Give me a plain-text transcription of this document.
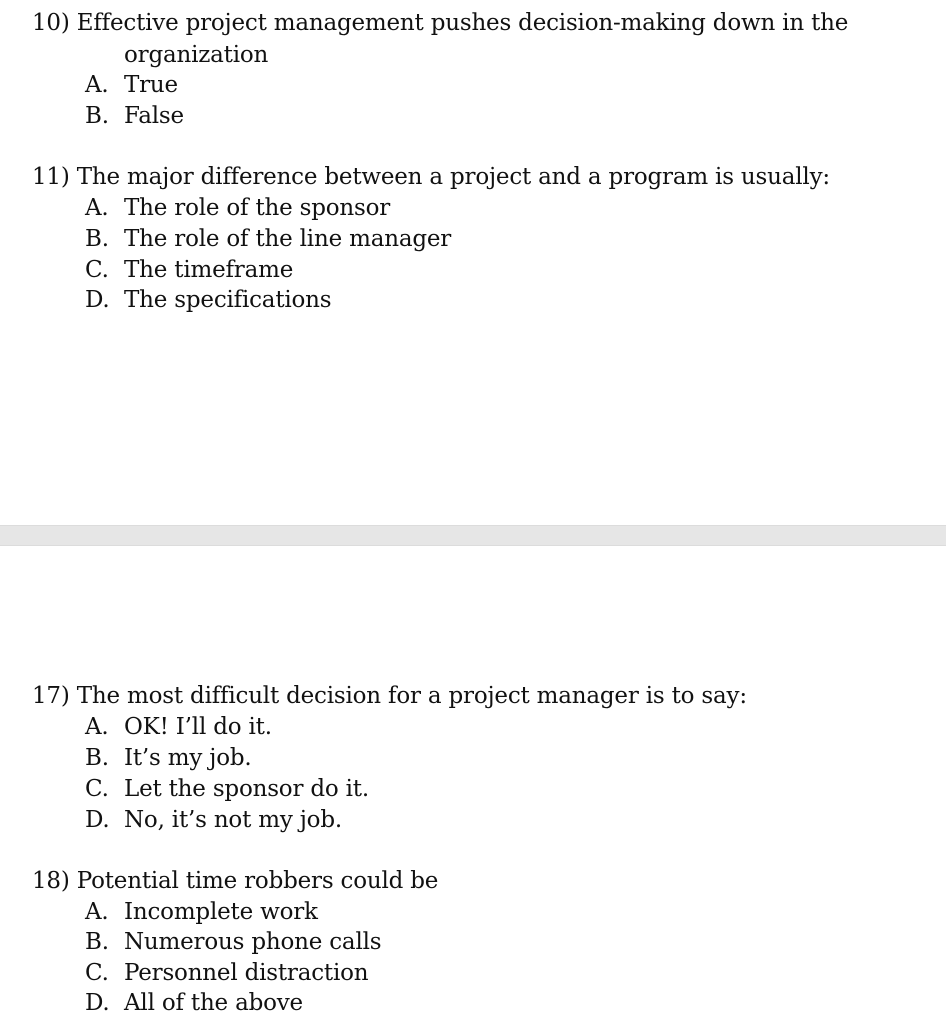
10) Effective project management pushes decision-making down in the
organization
A. True
B. False
11) The major difference between a project and a program is usually:
A. The role of the sponsor
B. The role of the line manager
C. The timeframe
D. The specifications
17) The most difficult decision for a project manager is to say:
A. OK! I’ll do it.
B. It’s my job.
C. Let the sponsor do it.
D. No, it’s not my job.
18) Potential time robbers could be
A. Incomplete work
B. Numerous phone calls
C. Personnel distraction
D. All of the above
